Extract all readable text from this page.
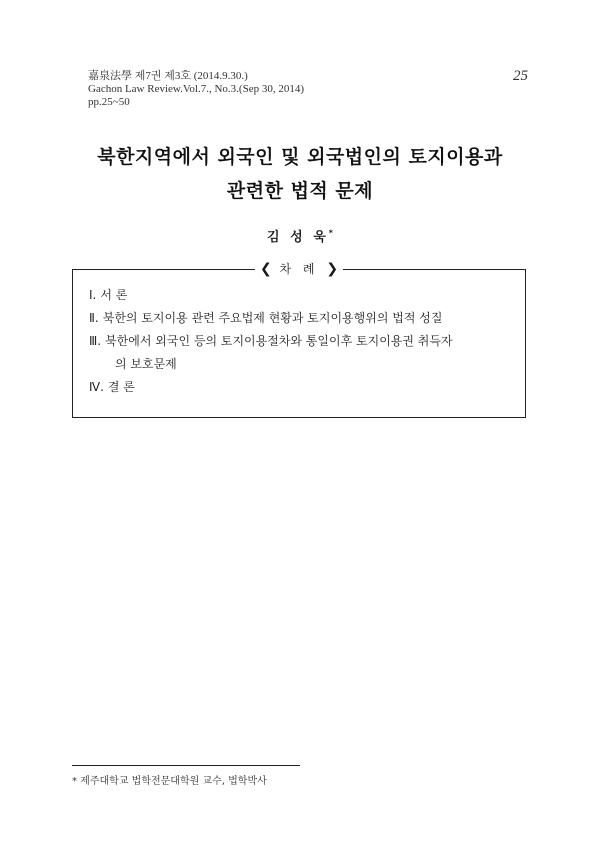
嘉泉法學 제7권 제3호 (2014.9.30.)
Gachon Law Review.Vol.7., No.3.(Sep 30, 2014)
pp.25~50
25
북한지역에서 외국인 및 외국법인의 토지이용과
관련한 법적 문제
김 성 욱*
❮ 차 례 ❯
Ⅰ. 서 론
Ⅱ. 북한의 토지이용 관련 주요법제 현황과 토지이용행위의 법적 성질
Ⅲ. 북한에서 외국인 등의 토지이용절차와 통일이후 토지이용권 취득자
의 보호문제
Ⅳ. 결 론
* 제주대학교 법학전문대학원 교수, 법학박사
